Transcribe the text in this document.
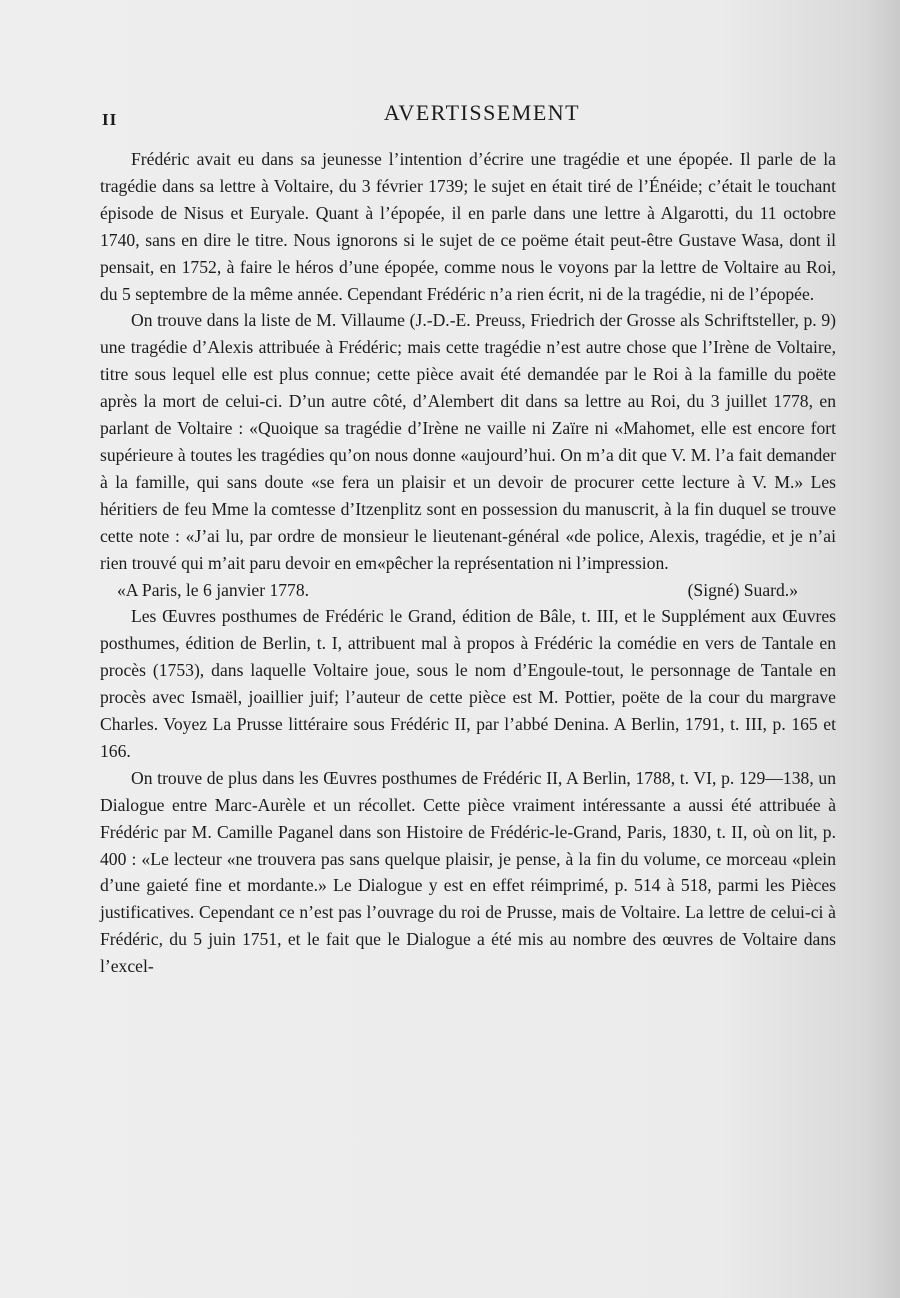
II	AVERTISSEMENT

Frédéric avait eu dans sa jeunesse l’intention d’écrire une tragédie et une épopée. Il parle de la tragédie dans sa lettre à Voltaire, du 3 février 1739; le sujet en était tiré de l’Énéide; c’était le touchant épisode de Nisus et Euryale. Quant à l’épopée, il en parle dans une lettre à Algarotti, du 11 octobre 1740, sans en dire le titre. Nous ignorons si le sujet de ce poëme était peut-être Gustave Wasa, dont il pensait, en 1752, à faire le héros d’une épopée, comme nous le voyons par la lettre de Voltaire au Roi, du 5 septembre de la même année. Cependant Frédéric n’a rien écrit, ni de la tragédie, ni de l’épopée.

On trouve dans la liste de M. Villaume (J.-D.-E. Preuss, Friedrich der Grosse als Schriftsteller, p. 9) une tragédie d’Alexis attribuée à Frédéric; mais cette tragédie n’est autre chose que l’Irène de Voltaire, titre sous lequel elle est plus connue; cette pièce avait été demandée par le Roi à la famille du poëte après la mort de celui-ci. D’un autre côté, d’Alembert dit dans sa lettre au Roi, du 3 juillet 1778, en parlant de Voltaire : «Quoique sa tragédie d’Irène ne vaille ni Zaïre ni «Mahomet, elle est encore fort supérieure à toutes les tragédies qu’on nous donne «aujourd’hui. On m’a dit que V. M. l’a fait demander à la famille, qui sans doute «se fera un plaisir et un devoir de procurer cette lecture à V. M.» Les héritiers de feu Mme la comtesse d’Itzenplitz sont en possession du manuscrit, à la fin duquel se trouve cette note : «J’ai lu, par ordre de monsieur le lieutenant-général «de police, Alexis, tragédie, et je n’ai rien trouvé qui m’ait paru devoir en em«pêcher la représentation ni l’impression.

«A Paris, le 6 janvier 1778.	(Signé) Suard.»

Les Œuvres posthumes de Frédéric le Grand, édition de Bâle, t. III, et le Supplément aux Œuvres posthumes, édition de Berlin, t. I, attribuent mal à propos à Frédéric la comédie en vers de Tantale en procès (1753), dans laquelle Voltaire joue, sous le nom d’Engoule-tout, le personnage de Tantale en procès avec Ismaël, joaillier juif; l’auteur de cette pièce est M. Pottier, poëte de la cour du margrave Charles. Voyez La Prusse littéraire sous Frédéric II, par l’abbé Denina. A Berlin, 1791, t. III, p. 165 et 166.

On trouve de plus dans les Œuvres posthumes de Frédéric II, A Berlin, 1788, t. VI, p. 129—138, un Dialogue entre Marc-Aurèle et un récollet. Cette pièce vraiment intéressante a aussi été attribuée à Frédéric par M. Camille Paganel dans son Histoire de Frédéric-le-Grand, Paris, 1830, t. II, où on lit, p. 400 : «Le lecteur «ne trouvera pas sans quelque plaisir, je pense, à la fin du volume, ce morceau «plein d’une gaieté fine et mordante.» Le Dialogue y est en effet réimprimé, p. 514 à 518, parmi les Pièces justificatives. Cependant ce n’est pas l’ouvrage du roi de Prusse, mais de Voltaire. La lettre de celui-ci à Frédéric, du 5 juin 1751, et le fait que le Dialogue a été mis au nombre des œuvres de Voltaire dans l’excel-
